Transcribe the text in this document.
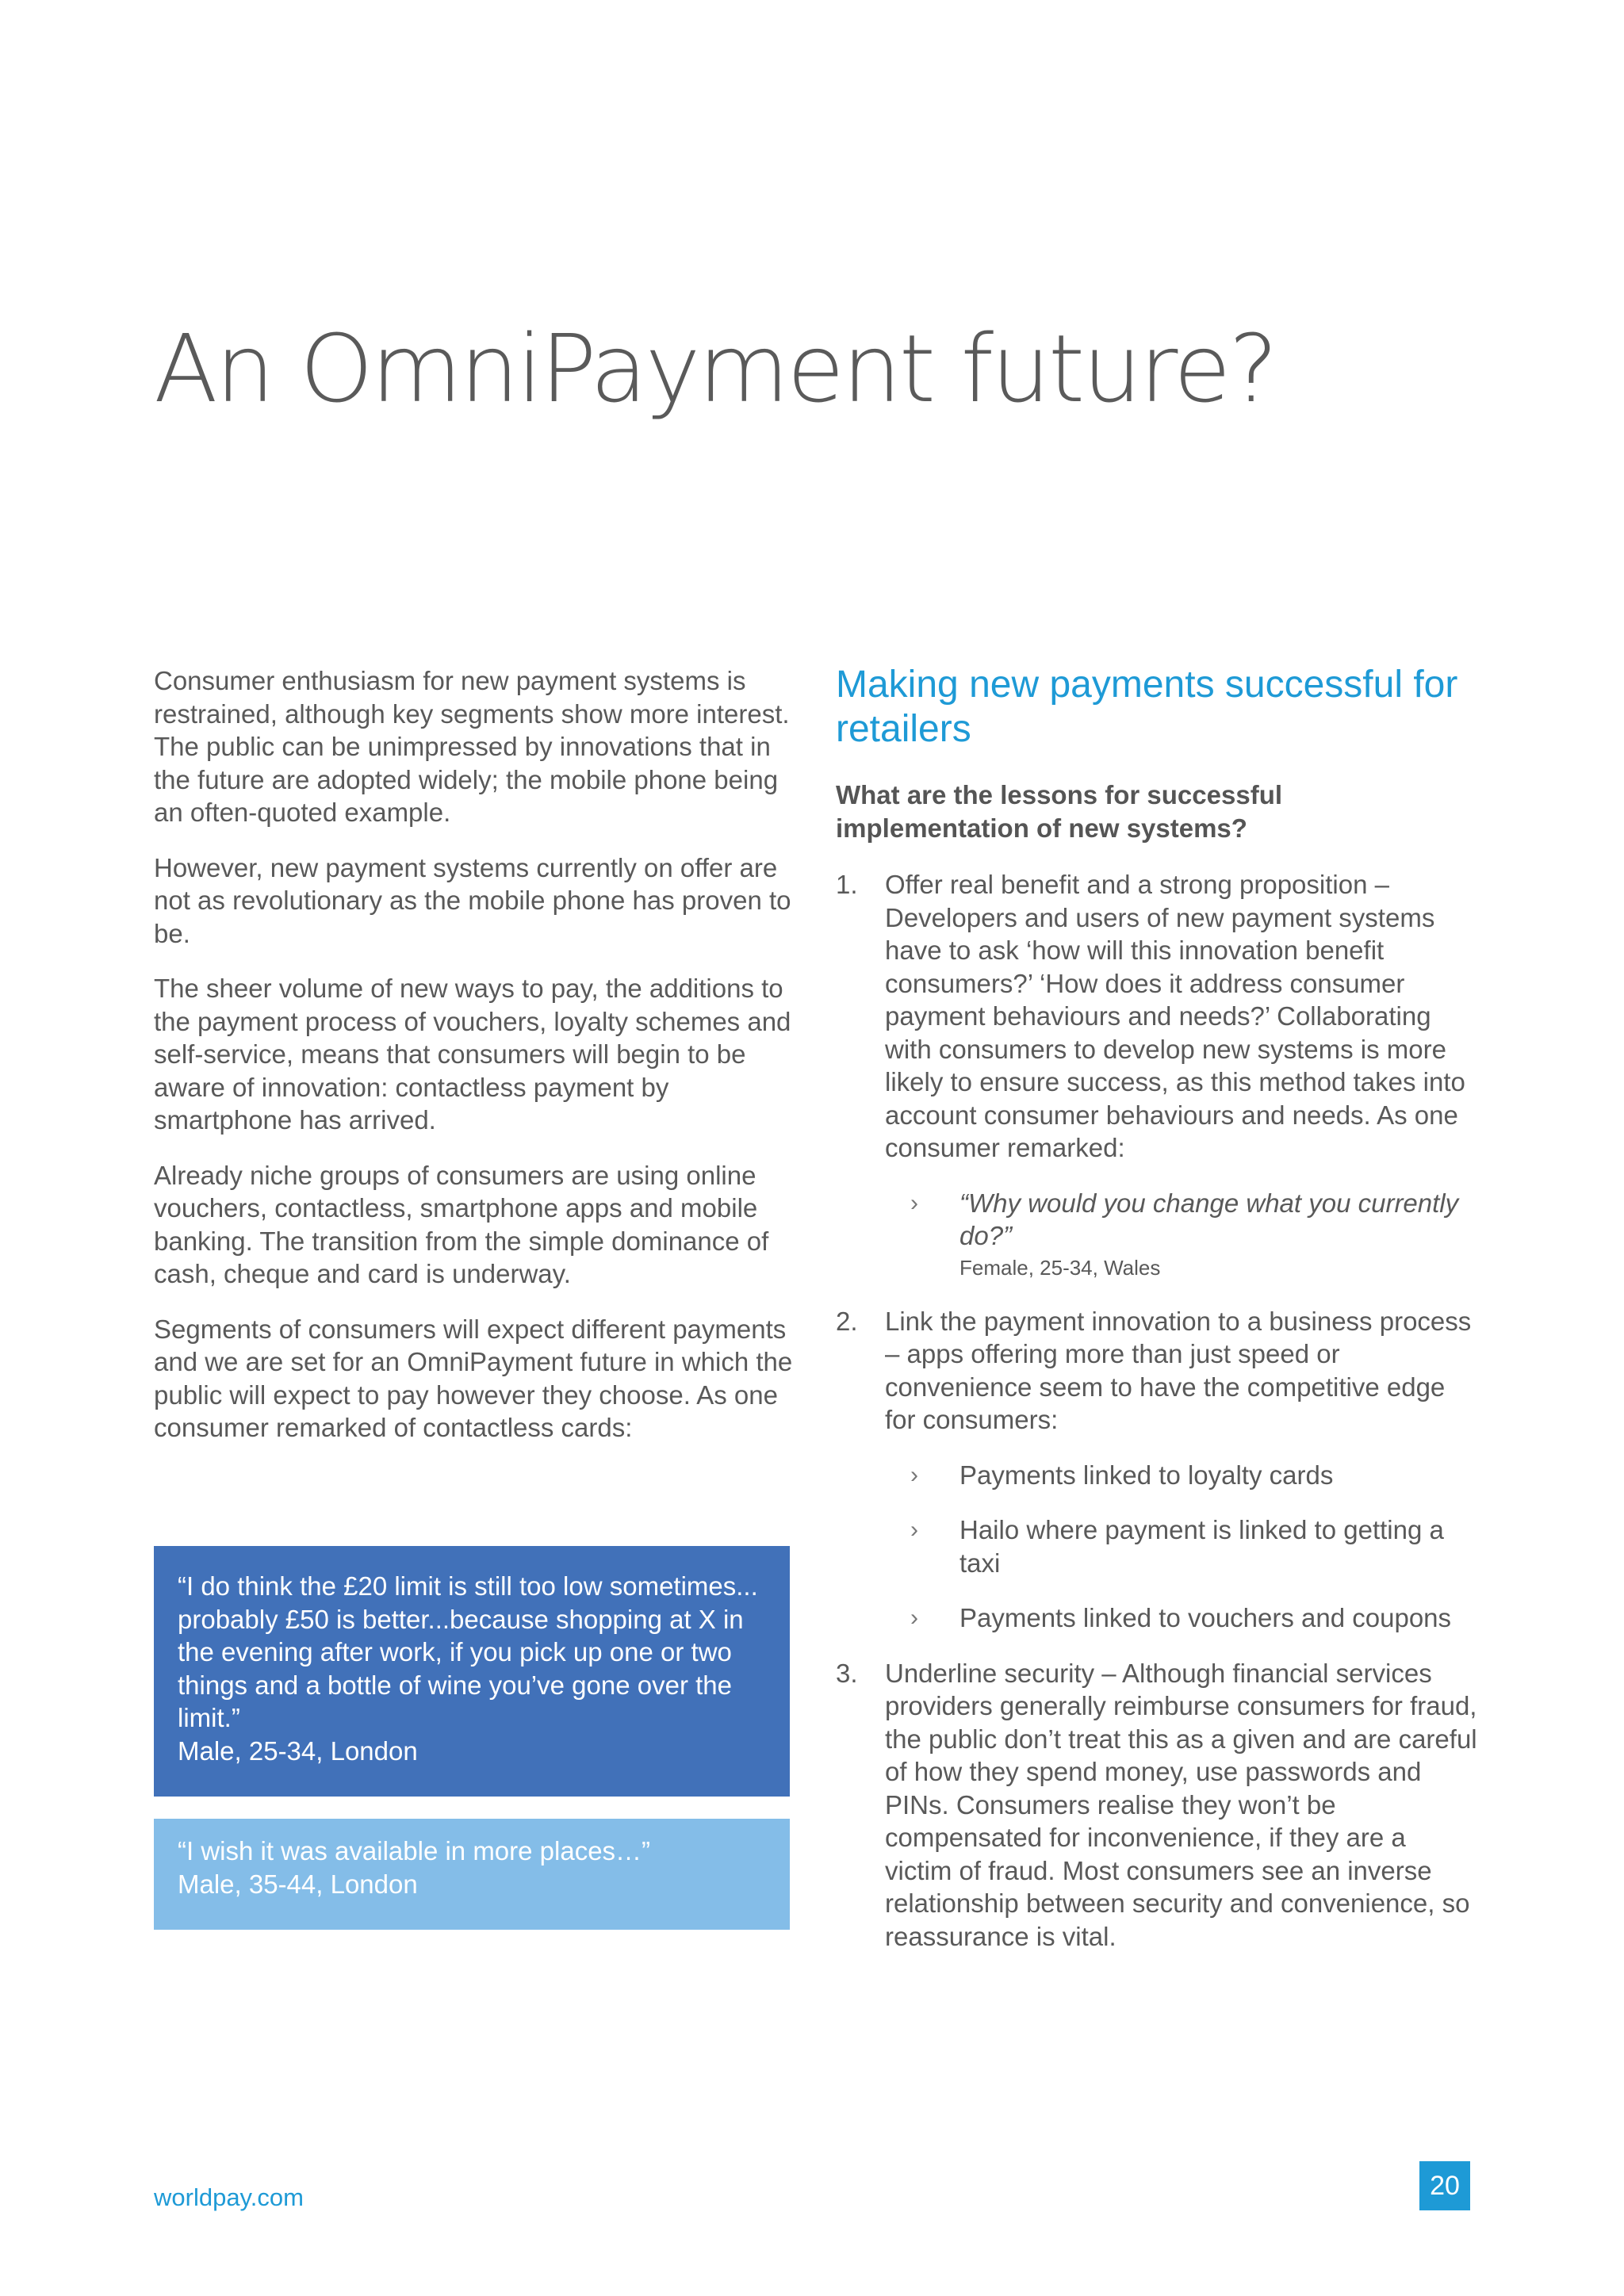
An OmniPayment future?

Consumer enthusiasm for new payment systems is restrained, although key segments show more interest. The public can be unimpressed by innovations that in the future are adopted widely; the mobile phone being an often-quoted example.

However, new payment systems currently on offer are not as revolutionary as the mobile phone has proven to be.

The sheer volume of new ways to pay, the additions to the payment process of vouchers, loyalty schemes and self-service, means that consumers will begin to be aware of innovation: contactless payment by smartphone has arrived.

Already niche groups of consumers are using online vouchers, contactless, smartphone apps and mobile banking. The transition from the simple dominance of cash, cheque and card is underway.

Segments of consumers will expect different payments and we are set for an OmniPayment future in which the public will expect to pay however they choose. As one consumer remarked of contactless cards:

“I do think the £20 limit is still too low sometimes... probably £50 is better...because shopping at X in the evening after work, if you pick up one or two things and a bottle of wine you’ve gone over the limit.”

Male, 25-34, London

“I wish it was available in more places…”

Male, 35-44, London

Making new payments successful for retailers

What are the lessons for successful implementation of new systems?

1. Offer real benefit and a strong proposition – Developers and users of new payment systems have to ask ‘how will this innovation benefit consumers?’ ‘How does it address consumer payment behaviours and needs?’ Collaborating with consumers to develop new systems is more likely to ensure success, as this method takes into account consumer behaviours and needs. As one consumer remarked:

› “Why would you change what you currently do?”
Female, 25-34, Wales
2. Link the payment innovation to a business process – apps offering more than just speed or convenience seem to have the competitive edge for consumers:

› Payments linked to loyalty cards
› Hailo where payment is linked to getting a taxi
› Payments linked to vouchers and coupons
3. Underline security – Although financial services providers generally reimburse consumers for fraud, the public don’t treat this as a given and are careful of how they spend money, use passwords and PINs. Consumers realise they won’t be compensated for inconvenience, if they are a victim of fraud. Most consumers see an inverse relationship between security and convenience, so reassurance is vital.

worldpay.com	20
